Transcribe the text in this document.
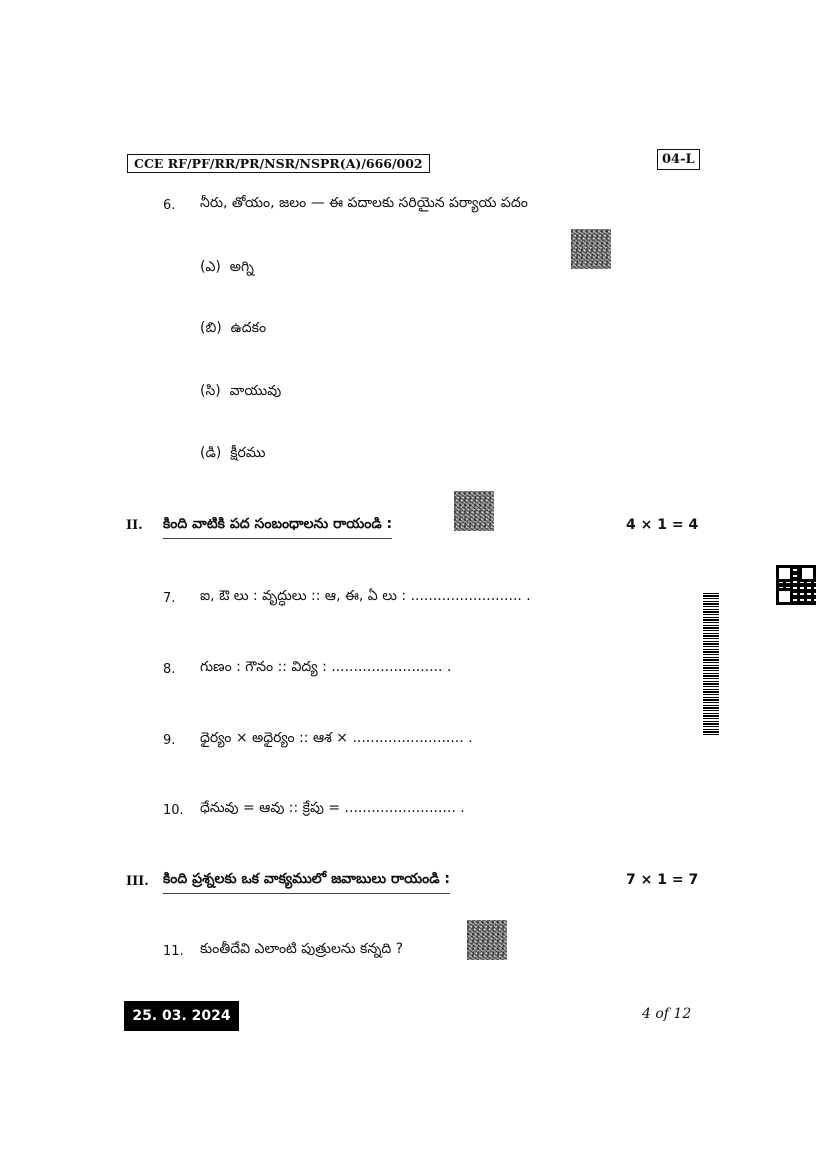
CCE RF/PF/RR/PR/NSR/NSPR(A)/666/002	04-L
6. నీరు, తోయం, జలం — ఈ పదాలకు సరియైన పర్యాయ పదం
(ఎ) అగ్ని
(బి) ఉదకం
(సి) వాయువు
(డి) క్షీరము
II. కింది వాటికి పద సంబంధాలను రాయండి :	4 × 1 = 4
7. ఐ, ఔ లు : వృద్ధులు :: ఆ, ఈ, ఏ లు : ......................... .
8. గుణం : గౌనం :: విద్య : ......................... .
9. ధైర్యం × అధైర్యం :: ఆశ × ......................... .
10. ధేనువు = ఆవు :: క్రేపు = ......................... .
III. కింది ప్రశ్నలకు ఒక వాక్యములో జవాబులు రాయండి :	7 × 1 = 7
11. కుంతీదేవి ఎలాంటి పుత్రులను కన్నది ?
25. 03. 2024	4 of 12
